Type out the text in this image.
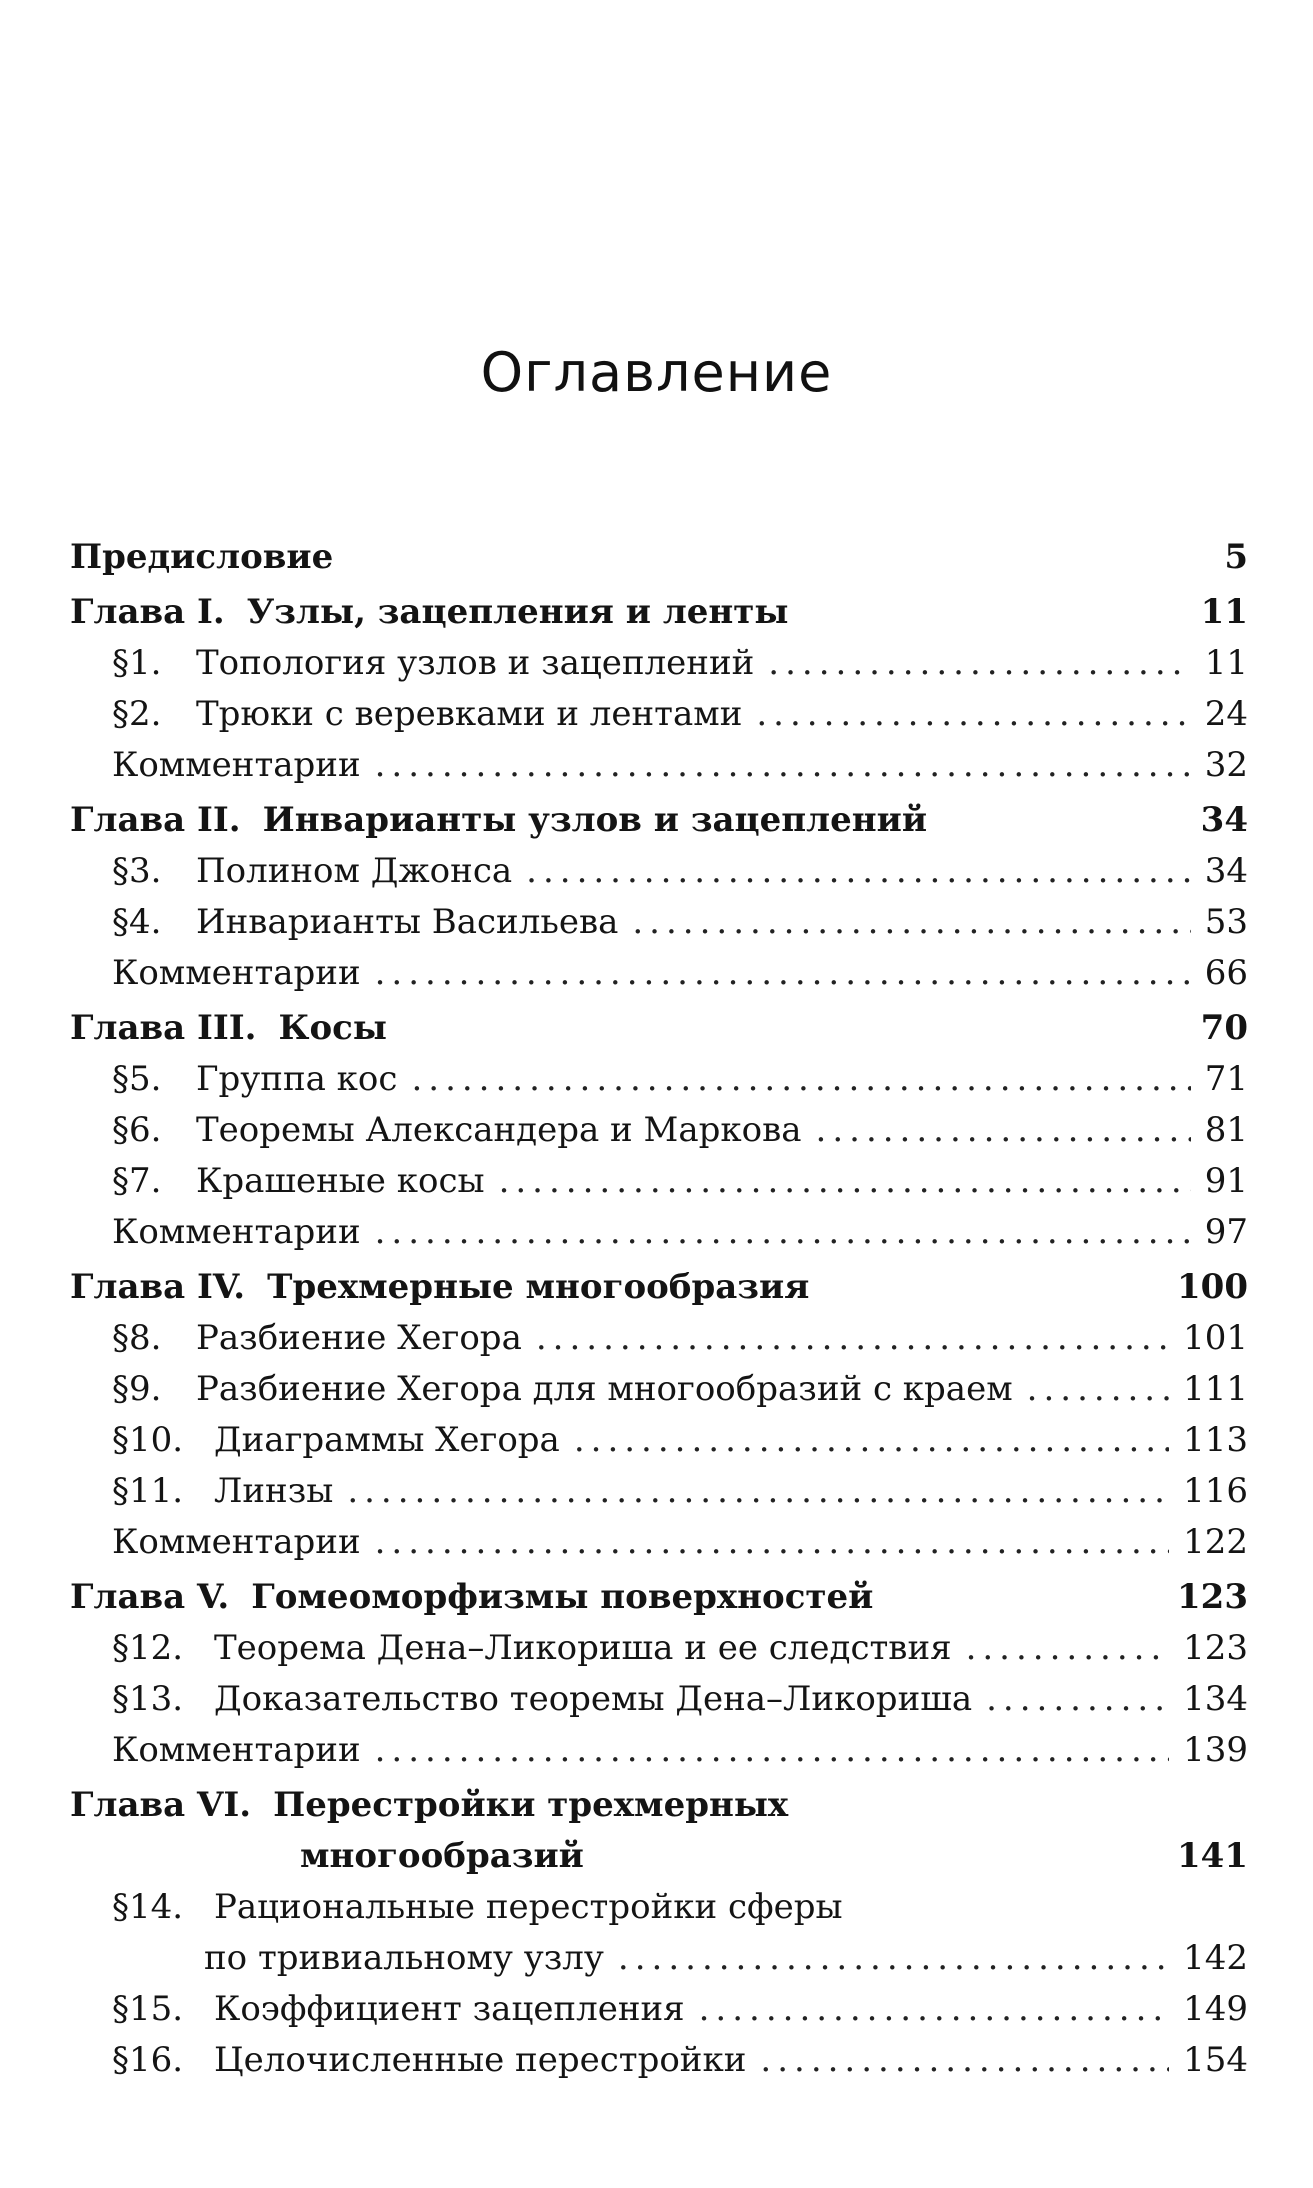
Оглавление
Предисловие	5
Глава I. Узлы, зацепления и ленты	11
§1.	Топология узлов и зацеплений .....	11
§2.	Трюки с веревками и лентами .....	24
Комментарии .....	32
Глава II. Инварианты узлов и зацеплений	34
§3.	Полином Джонса .....	34
§4.	Инварианты Васильева .....	53
Комментарии .....	66
Глава III. Косы	70
§5.	Группа кос .....	71
§6.	Теоремы Александера и Маркова .....	81
§7.	Крашеные косы .....	91
Комментарии .....	97
Глава IV. Трехмерные многообразия	100
§8.	Разбиение Хегора .....	101
§9.	Разбиение Хегора для многообразий с краем .....	111
§10. Диаграммы Хегора .....	113
§11. Линзы .....	116
Комментарии .....	122
Глава V. Гомеоморфизмы поверхностей	123
§12. Теорема Дена–Ликориша и ее следствия .....	123
§13. Доказательство теоремы Дена–Ликориша .....	134
Комментарии .....	139
Глава VI. Перестройки трехмерных
многообразий	141
§14. Рациональные перестройки сферы
по тривиальному узлу .....	142
§15. Коэффициент зацепления .....	149
§16. Целочисленные перестройки .....	154
